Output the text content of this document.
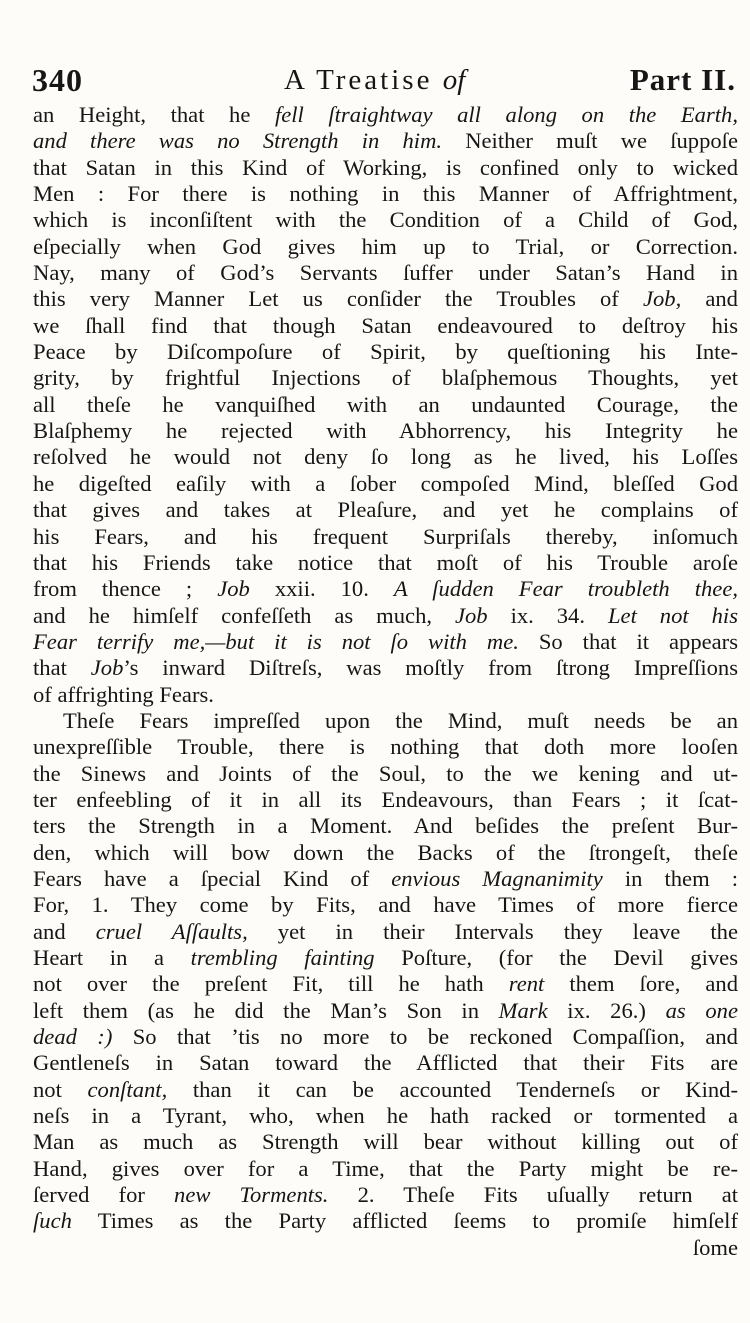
340	A Treatise of	Part II.
an Height, that he fell ſtraightway all along on the Earth,
and there was no Strength in him. Neither muſt we ſuppoſe
that Satan in this Kind of Working, is confined only to wicked
Men : For there is nothing in this Manner of Affrightment,
which is inconſiſtent with the Condition of a Child of God,
eſpecially when God gives him up to Trial, or Correction.
Nay, many of God’s Servants ſuffer under Satan’s Hand in
this very Manner Let us conſider the Troubles of Job, and
we ſhall find that though Satan endeavoured to deſtroy his
Peace by Diſcompoſure of Spirit, by queſtioning his Inte-
grity, by frightful Injections of blaſphemous Thoughts, yet
all theſe he vanquiſhed with an undaunted Courage, the
Blaſphemy he rejected with Abhorrency, his Integrity he
reſolved he would not deny ſo long as he lived, his Loſſes
he digeſted eaſily with a ſober compoſed Mind, bleſſed God
that gives and takes at Pleaſure, and yet he complains of
his Fears, and his frequent Surpriſals thereby, inſomuch
that his Friends take notice that moſt of his Trouble aroſe
from thence ; Job xxii. 10. A ſudden Fear troubleth thee,
and he himſelf confeſſeth as much, Job ix. 34. Let not his
Fear terrify me,—but it is not ſo with me. So that it appears
that Job’s inward Diſtreſs, was moſtly from ſtrong Impreſſions
of affrighting Fears.
Theſe Fears impreſſed upon the Mind, muſt needs be an
unexpreſſible Trouble, there is nothing that doth more looſen
the Sinews and Joints of the Soul, to the we kening and ut-
ter enfeebling of it in all its Endeavours, than Fears ; it ſcat-
ters the Strength in a Moment. And beſides the preſent Bur-
den, which will bow down the Backs of the ſtrongeſt, theſe
Fears have a ſpecial Kind of envious Magnanimity in them :
For, 1. They come by Fits, and have Times of more fierce
and cruel Aſſaults, yet in their Intervals they leave the
Heart in a trembling fainting Poſture, (for the Devil gives
not over the preſent Fit, till he hath rent them ſore, and
left them (as he did the Man’s Son in Mark ix. 26.) as one
dead :) So that ’tis no more to be reckoned Compaſſion, and
Gentleneſs in Satan toward the Afflicted that their Fits are
not conſtant, than it can be accounted Tenderneſs or Kind-
neſs in a Tyrant, who, when he hath racked or tormented a
Man as much as Strength will bear without killing out of
Hand, gives over for a Time, that the Party might be re-
ſerved for new Torments. 2. Theſe Fits uſually return at
ſuch Times as the Party afflicted ſeems to promiſe himſelf
ſome
